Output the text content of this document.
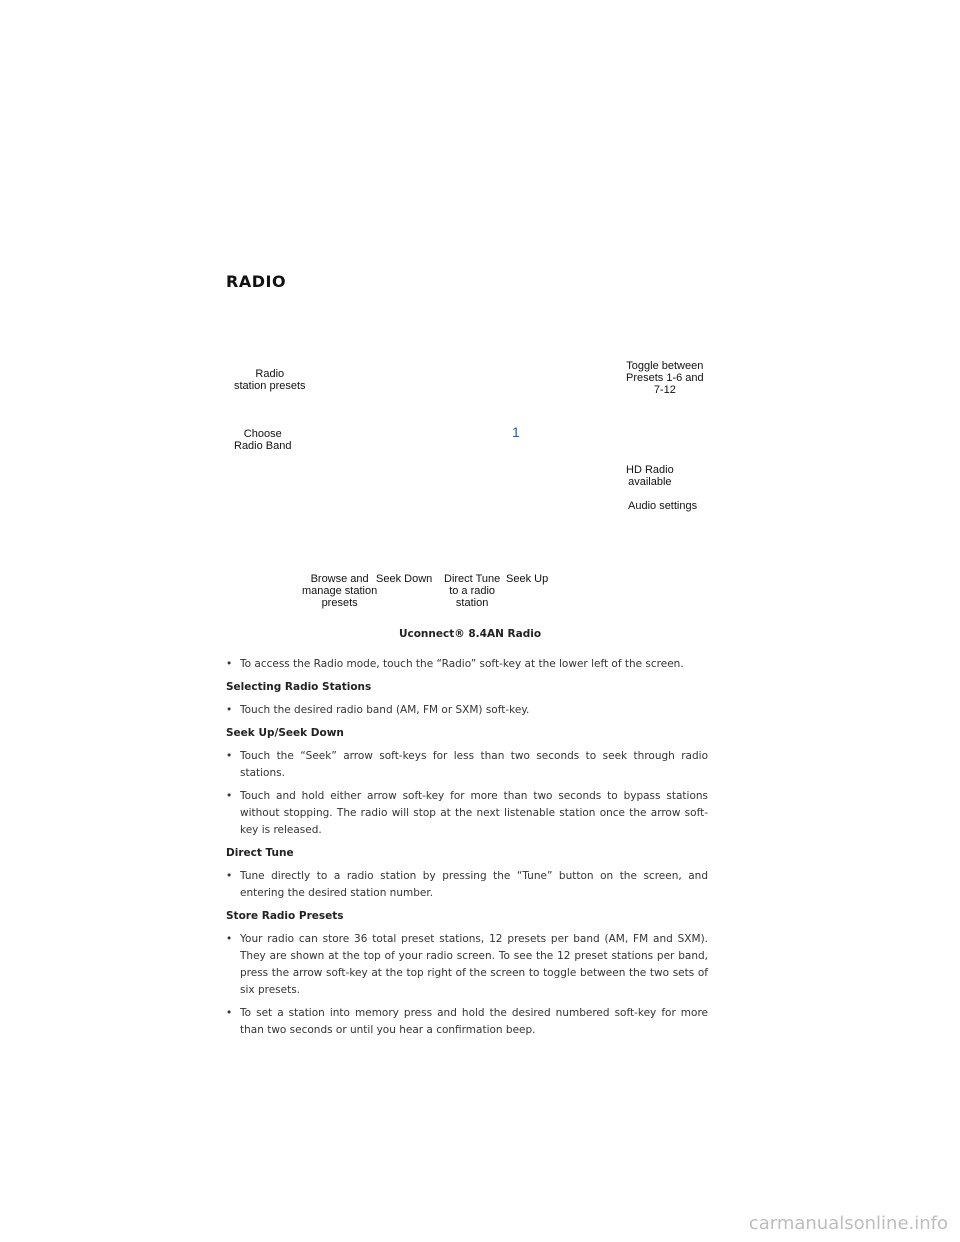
RADIO

Radio
station presets

Choose
Radio Band

Toggle between
Presets 1-6 and
7-12

HD Radio
available

Audio settings

Browse and
manage station
presets

Seek Down Direct Tune
to a radio
station

Seek Up

1

Uconnect® 8.4AN Radio

• To access the Radio mode, touch the “Radio” soft-key at the lower left of the screen.

Selecting Radio Stations

• Touch the desired radio band (AM, FM or SXM) soft-key.

Seek Up/Seek Down

• Touch the “Seek” arrow soft-keys for less than two seconds to seek through radio stations.

• Touch and hold either arrow soft-key for more than two seconds to bypass stations without stopping. The radio will stop at the next listenable station once the arrow soft-key is released.

Direct Tune

• Tune directly to a radio station by pressing the “Tune” button on the screen, and entering the desired station number.

Store Radio Presets

• Your radio can store 36 total preset stations, 12 presets per band (AM, FM and SXM). They are shown at the top of your radio screen. To see the 12 preset stations per band, press the arrow soft-key at the top right of the screen to toggle between the two sets of six presets.

• To set a station into memory press and hold the desired numbered soft-key for more than two seconds or until you hear a confirmation beep.

carmanualsonline.info
